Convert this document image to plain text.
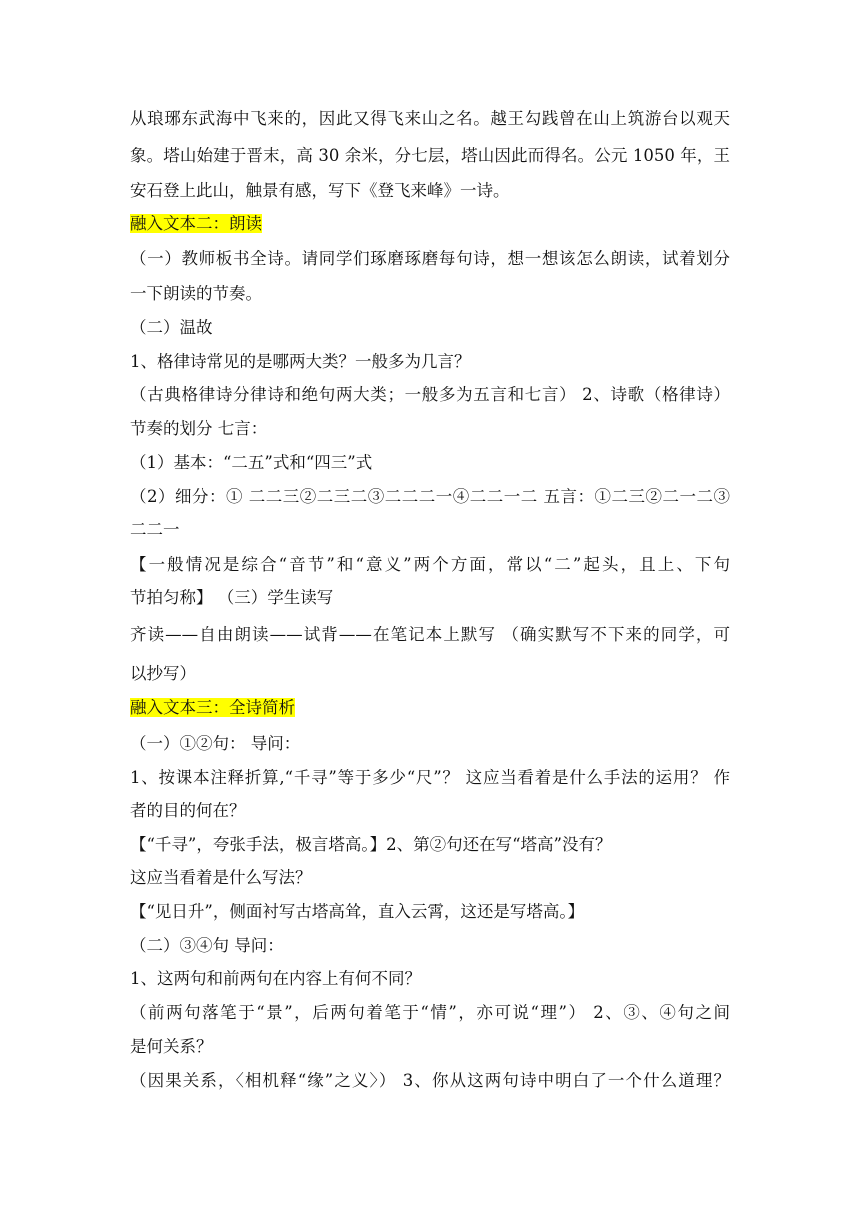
从琅琊东武海中飞来的，因此又得飞来山之名。越王勾践曾在山上筑游台以观天
象。塔山始建于晋末，高 30 余米，分七层，塔山因此而得名。公元 1050 年，王
安石登上此山，触景有感，写下《登飞来峰》一诗。
融入文本二：朗读
（一）教师板书全诗。请同学们琢磨琢磨每句诗，想一想该怎么朗读，试着划分
一下朗读的节奏。
（二）温故
1、格律诗常见的是哪两大类？一般多为几言？
（古典格律诗分律诗和绝句两大类；一般多为五言和七言） 2、诗歌（格律诗）
节奏的划分 七言：
（1）基本：“二五”式和“四三”式
（2）细分：① 二二三②二三二③二二二一④二二一二 五言：①二三②二一二③
二二一
【一般情况是综合“音节”和“意义”两个方面，常以“二”起头，且上、下句
节拍匀称】 （三）学生读写
齐读——自由朗读——试背——在笔记本上默写 （确实默写不下来的同学，可
以抄写）
融入文本三：全诗简析
（一）①②句： 导问：
1、按课本注释折算,“千寻”等于多少“尺”？ 这应当看着是什么手法的运用？ 作
者的目的何在？
【“千寻”，夸张手法，极言塔高。】2、第②句还在写“塔高”没有？
这应当看着是什么写法？
【“见日升”，侧面衬写古塔高耸，直入云霄，这还是写塔高。】
（二）③④句 导问：
1、这两句和前两句在内容上有何不同？
（前两句落笔于“景”，后两句着笔于“情”，亦可说“理”） 2、③、④句之间
是何关系？
（因果关系，〈相机释“缘”之义〉） 3、你从这两句诗中明白了一个什么道理？
